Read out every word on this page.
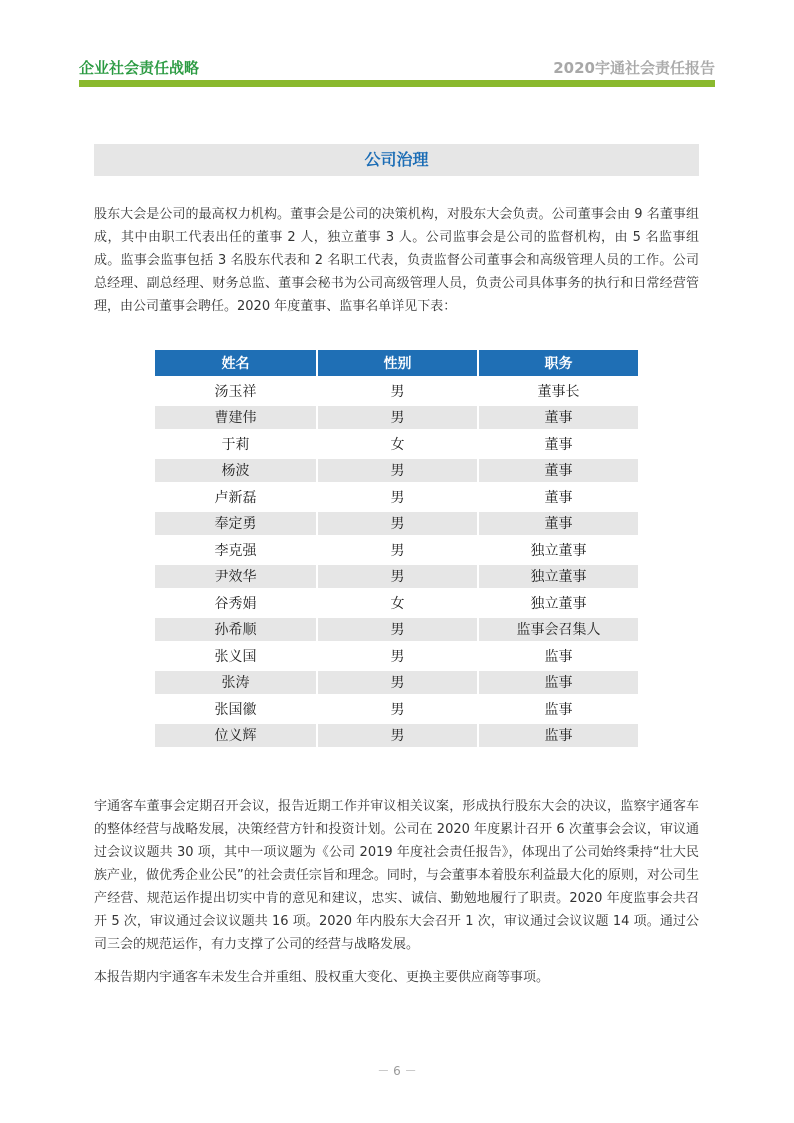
企业社会责任战略	2020宇通社会责任报告
公司治理

股东大会是公司的最高权力机构。董事会是公司的决策机构，对股东大会负责。公司董事会由 9 名董事组成，其中由职工代表出任的董事 2 人，独立董事 3 人。公司监事会是公司的监督机构，由 5 名监事组成。监事会监事包括 3 名股东代表和 2 名职工代表，负责监督公司董事会和高级管理人员的工作。公司总经理、副总经理、财务总监、董事会秘书为公司高级管理人员，负责公司具体事务的执行和日常经营管理，由公司董事会聘任。2020 年度董事、监事名单详见下表：

姓名	性别	职务
汤玉祥	男	董事长
曹建伟	男	董事
于莉	女	董事
杨波	男	董事
卢新磊	男	董事
奉定勇	男	董事
李克强	男	独立董事
尹效华	男	独立董事
谷秀娟	女	独立董事
孙希顺	男	监事会召集人
张义国	男	监事
张涛	男	监事
张国徽	男	监事
位义辉	男	监事

宇通客车董事会定期召开会议，报告近期工作并审议相关议案，形成执行股东大会的决议，监察宇通客车的整体经营与战略发展，决策经营方针和投资计划。公司在 2020 年度累计召开 6 次董事会会议，审议通过会议议题共 30 项，其中一项议题为《公司 2019 年度社会责任报告》，体现出了公司始终秉持“壮大民族产业，做优秀企业公民”的社会责任宗旨和理念。同时，与会董事本着股东利益最大化的原则，对公司生产经营、规范运作提出切实中肯的意见和建议，忠实、诚信、勤勉地履行了职责。2020 年度监事会共召开 5 次，审议通过会议议题共 16 项。2020 年内股东大会召开 1 次，审议通过会议议题 14 项。通过公司三会的规范运作，有力支撑了公司的经营与战略发展。

本报告期内宇通客车未发生合并重组、股权重大变化、更换主要供应商等事项。

－ 6 －
